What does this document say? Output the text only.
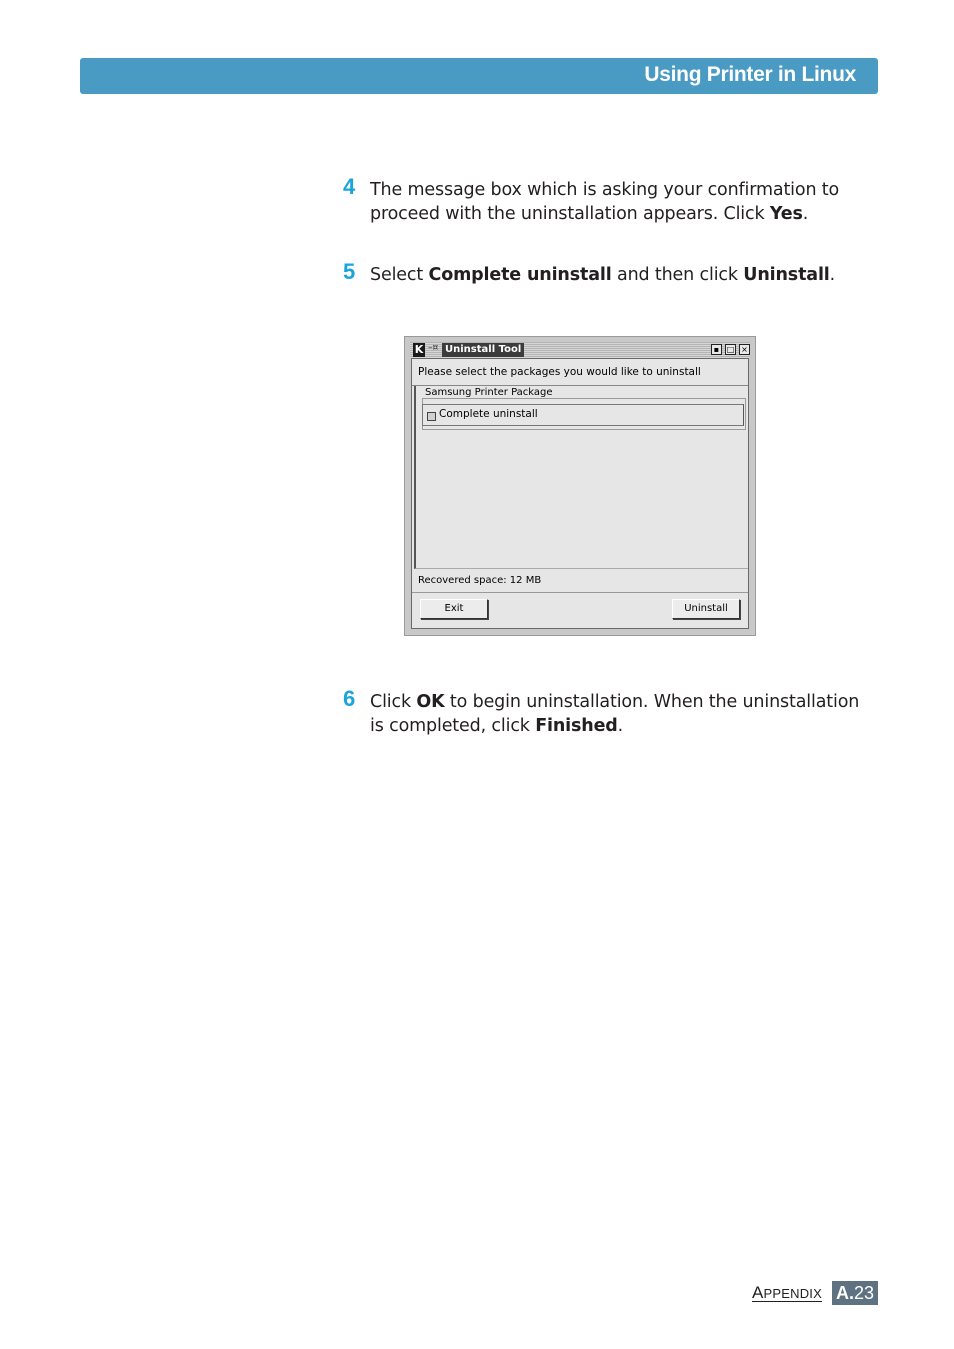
Using Printer in Linux
4 The message box which is asking your confirmation to proceed with the uninstallation appears. Click Yes.
5 Select Complete uninstall and then click Uninstall.
K –¤ Uninstall Tool	▪ □ ×
Please select the packages you would like to uninstall
Samsung Printer Package
Complete uninstall
Recovered space: 12 MB
Exit	Uninstall
6 Click OK to begin uninstallation. When the uninstallation is completed, click Finished.
APPENDIX A.23
